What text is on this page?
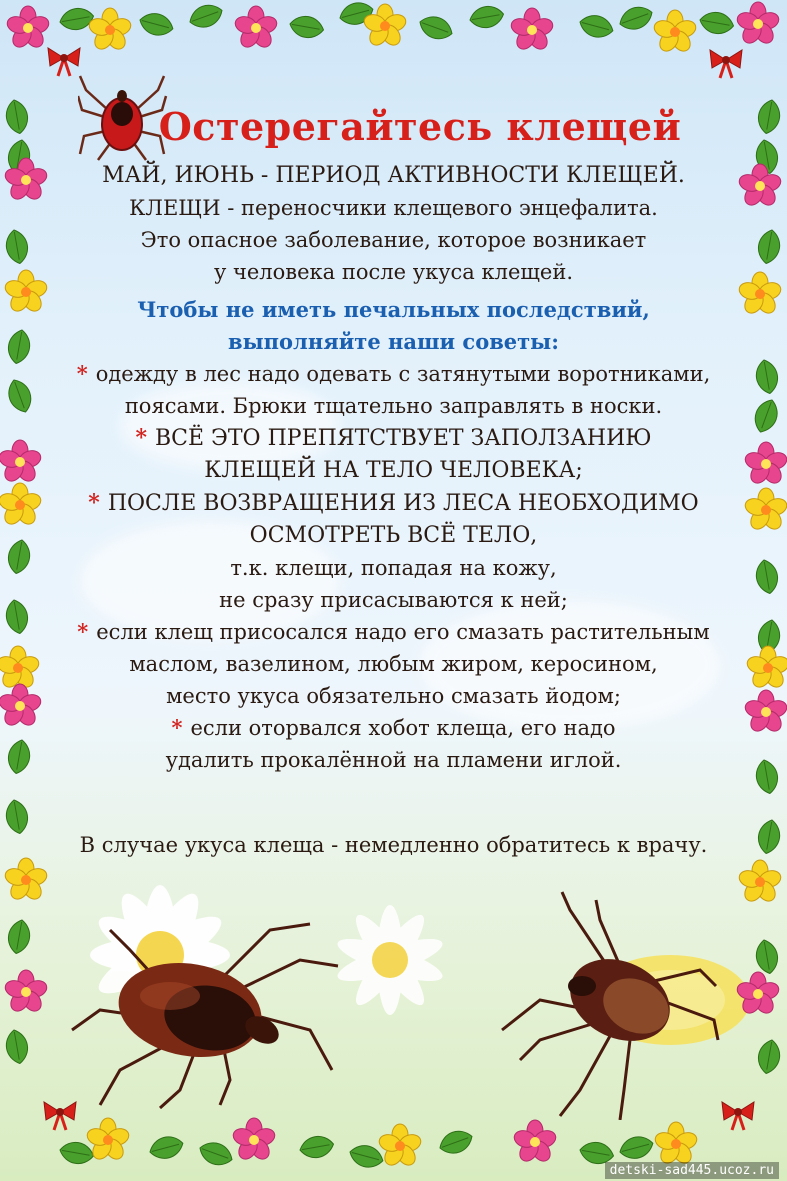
Остерегайтесь клещей

МАЙ, ИЮНЬ - ПЕРИОД АКТИВНОСТИ КЛЕЩЕЙ.

КЛЕЩИ - переносчики клещевого энцефалита.

Это опасное заболевание, которое возникает

у человека после укуса клещей.

Чтобы не иметь печальных последствий,

выполняйте наши советы:

* одежду в лес надо одевать с затянутыми воротниками,

поясами. Брюки тщательно заправлять в носки.

* ВСЁ ЭТО ПРЕПЯТСТВУЕТ ЗАПОЛЗАНИЮ

КЛЕЩЕЙ НА ТЕЛО ЧЕЛОВЕКА;

* ПОСЛЕ ВОЗВРАЩЕНИЯ ИЗ ЛЕСА НЕОБХОДИМО

ОСМОТРЕТЬ ВСЁ ТЕЛО,

т.к. клещи, попадая на кожу,

не сразу присасываются к ней;

* если клещ присосался надо его смазать растительным

маслом, вазелином, любым жиром, керосином,

место укуса обязательно смазать йодом;

* если оторвался хобот клеща, его надо

удалить прокалённой на пламени иглой.

В случае укуса клеща - немедленно обратитесь к врачу.
detski-sad445.ucoz.ru
